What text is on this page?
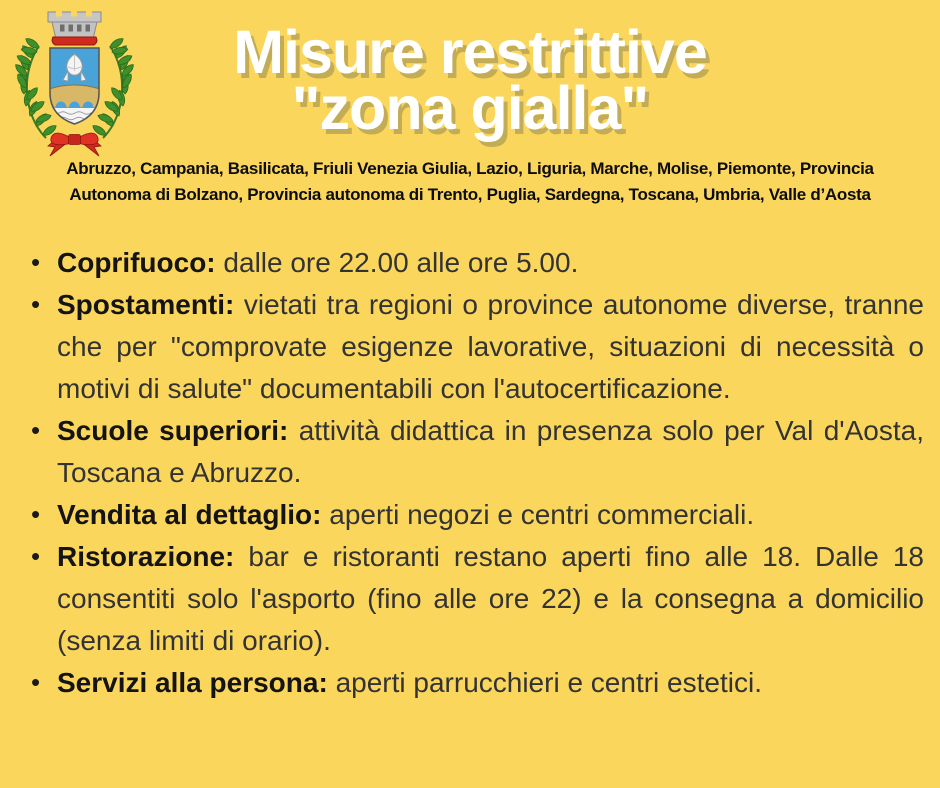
Misure restrittive
"zona gialla"
Abruzzo, Campania, Basilicata, Friuli Venezia Giulia, Lazio, Liguria, Marche, Molise, Piemonte, Provincia
Autonoma di Bolzano, Provincia autonoma di Trento, Puglia, Sardegna, Toscana, Umbria, Valle d’Aosta
• Coprifuoco: dalle ore 22.00 alle ore 5.00.
• Spostamenti: vietati tra regioni o province autonome diverse, tranne che per "comprovate esigenze lavorative, situazioni di necessità o motivi di salute" documentabili con l'autocertificazione.
• Scuole superiori: attività didattica in presenza solo per Val d'Aosta, Toscana e Abruzzo.
• Vendita al dettaglio: aperti negozi e centri commerciali.
• Ristorazione: bar e ristoranti restano aperti fino alle 18. Dalle 18 consentiti solo l'asporto (fino alle ore 22) e la consegna a domicilio (senza limiti di orario).
• Servizi alla persona: aperti parrucchieri e centri estetici.
